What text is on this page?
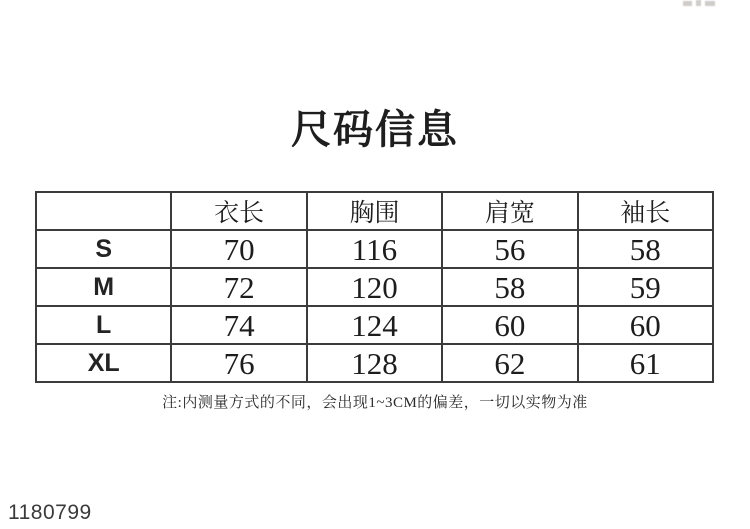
尺码信息
	衣长	胸围	肩宽	袖长
S	70	116	56	58
M	72	120	58	59
L	74	124	60	60
XL	76	128	62	61

注:内测量方式的不同，会出现1~3CM的偏差，一切以实物为准

1180799
